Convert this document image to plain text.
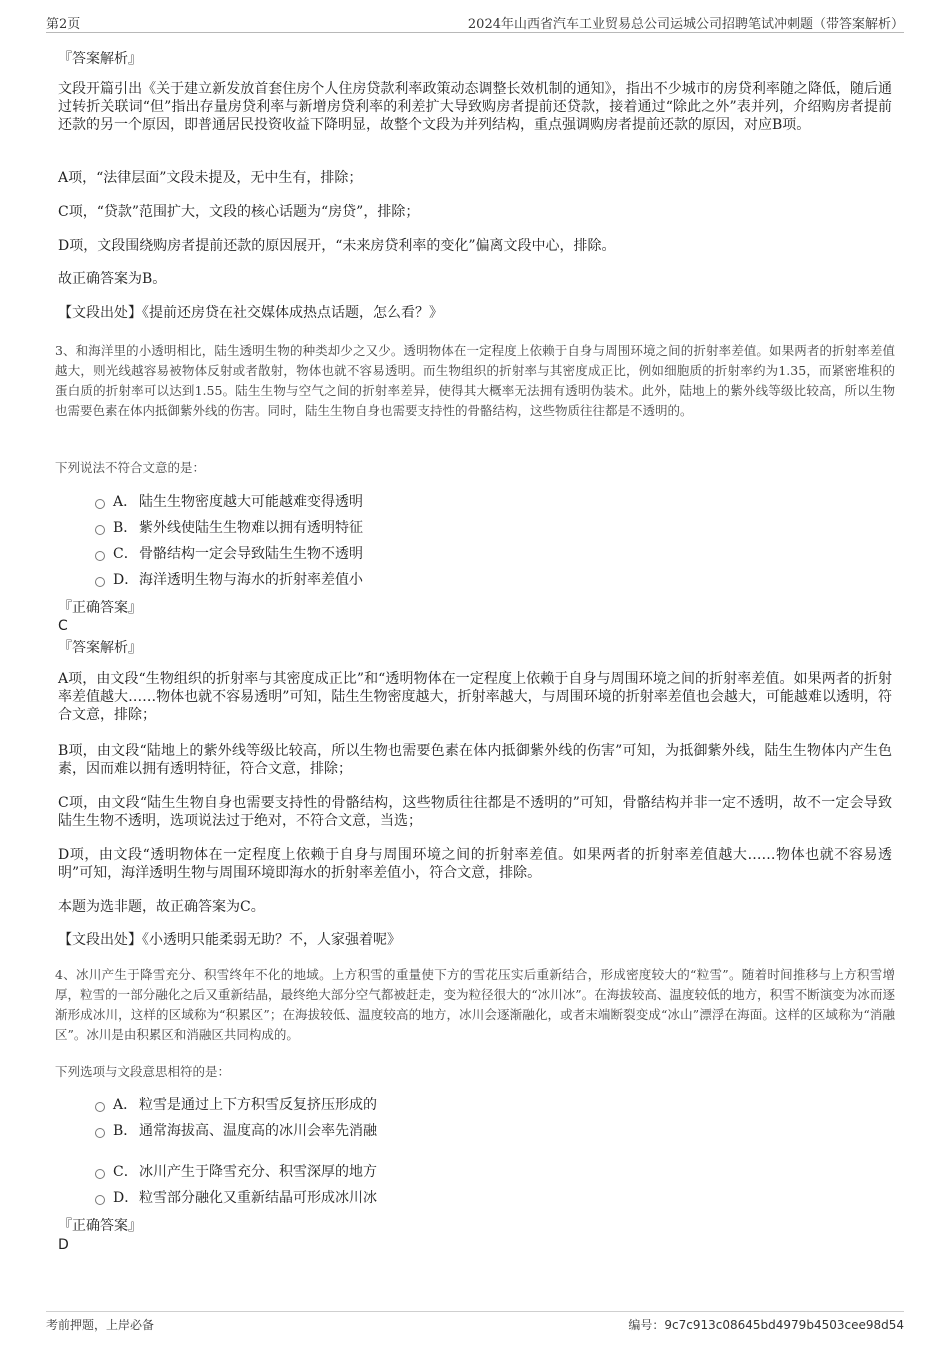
第2页	2024年山西省汽车工业贸易总公司运城公司招聘笔试冲刺题（带答案解析）
『答案解析』

文段开篇引出《关于建立新发放首套住房个人住房贷款利率政策动态调整长效机制的通知》，指出不少城市的房贷利率随之降低，随后通过转折关联词“但”指出存量房贷利率与新增房贷利率的利差扩大导致购房者提前还贷款，接着通过“除此之外”表并列，介绍购房者提前还款的另一个原因，即普通居民投资收益下降明显，故整个文段为并列结构，重点强调购房者提前还款的原因，对应B项。

A项，“法律层面”文段未提及，无中生有，排除；
C项，“贷款”范围扩大，文段的核心话题为“房贷”，排除；
D项，文段围绕购房者提前还款的原因展开，“未来房贷利率的变化”偏离文段中心，排除。
故正确答案为B。
【文段出处】《提前还房贷在社交媒体成热点话题，怎么看？》

3、和海洋里的小透明相比，陆生透明生物的种类却少之又少。透明物体在一定程度上依赖于自身与周围环境之间的折射率差值。如果两者的折射率差值越大，则光线越容易被物体反射或者散射，物体也就不容易透明。而生物组织的折射率与其密度成正比，例如细胞质的折射率约为1.35，而紧密堆积的蛋白质的折射率可以达到1.55。陆生生物与空气之间的折射率差异，使得其大概率无法拥有透明伪装术。此外，陆地上的紫外线等级比较高，所以生物也需要色素在体内抵御紫外线的伤害。同时，陆生生物自身也需要支持性的骨骼结构，这些物质往往都是不透明的。

下列说法不符合文意的是：
A． 陆生生物密度越大可能越难变得透明
B． 紫外线使陆生生物难以拥有透明特征
C．骨骼结构一定会导致陆生生物不透明
D．海洋透明生物与海水的折射率差值小
『正确答案』
C
『答案解析』

A项，由文段“生物组织的折射率与其密度成正比”和“透明物体在一定程度上依赖于自身与周围环境之间的折射率差值。如果两者的折射率差值越大……物体也就不容易透明”可知，陆生生物密度越大，折射率越大，与周围环境的折射率差值也会越大，可能越难以透明，符合文意，排除；

B项，由文段“陆地上的紫外线等级比较高，所以生物也需要色素在体内抵御紫外线的伤害”可知，为抵御紫外线，陆生生物体内产生色素，因而难以拥有透明特征，符合文意，排除；

C项，由文段“陆生生物自身也需要支持性的骨骼结构，这些物质往往都是不透明的”可知，骨骼结构并非一定不透明，故不一定会导致陆生生物不透明，选项说法过于绝对，不符合文意，当选；

D项，由文段“透明物体在一定程度上依赖于自身与周围环境之间的折射率差值。如果两者的折射率差值越大……物体也就不容易透明”可知，海洋透明生物与周围环境即海水的折射率差值小，符合文意，排除。

本题为选非题，故正确答案为C。
【文段出处】《小透明只能柔弱无助？不，人家强着呢》

4、冰川产生于降雪充分、积雪终年不化的地域。上方积雪的重量使下方的雪花压实后重新结合，形成密度较大的“粒雪”。随着时间推移与上方积雪增厚，粒雪的一部分融化之后又重新结晶，最终绝大部分空气都被赶走，变为粒径很大的“冰川冰”。在海拔较高、温度较低的地方，积雪不断演变为冰而逐渐形成冰川，这样的区域称为“积累区”；在海拔较低、温度较高的地方，冰川会逐渐融化，或者末端断裂变成“冰山”漂浮在海面。这样的区域称为“消融区”。冰川是由积累区和消融区共同构成的。

下列选项与文段意思相符的是：
A． 粒雪是通过上下方积雪反复挤压形成的
B． 通常海拔高、温度高的冰川会率先消融
C．冰川产生于降雪充分、积雪深厚的地方
D．粒雪部分融化又重新结晶可形成冰川冰
『正确答案』
D
考前押题，上岸必备	编号：9c7c913c08645bd4979b4503cee98d54
